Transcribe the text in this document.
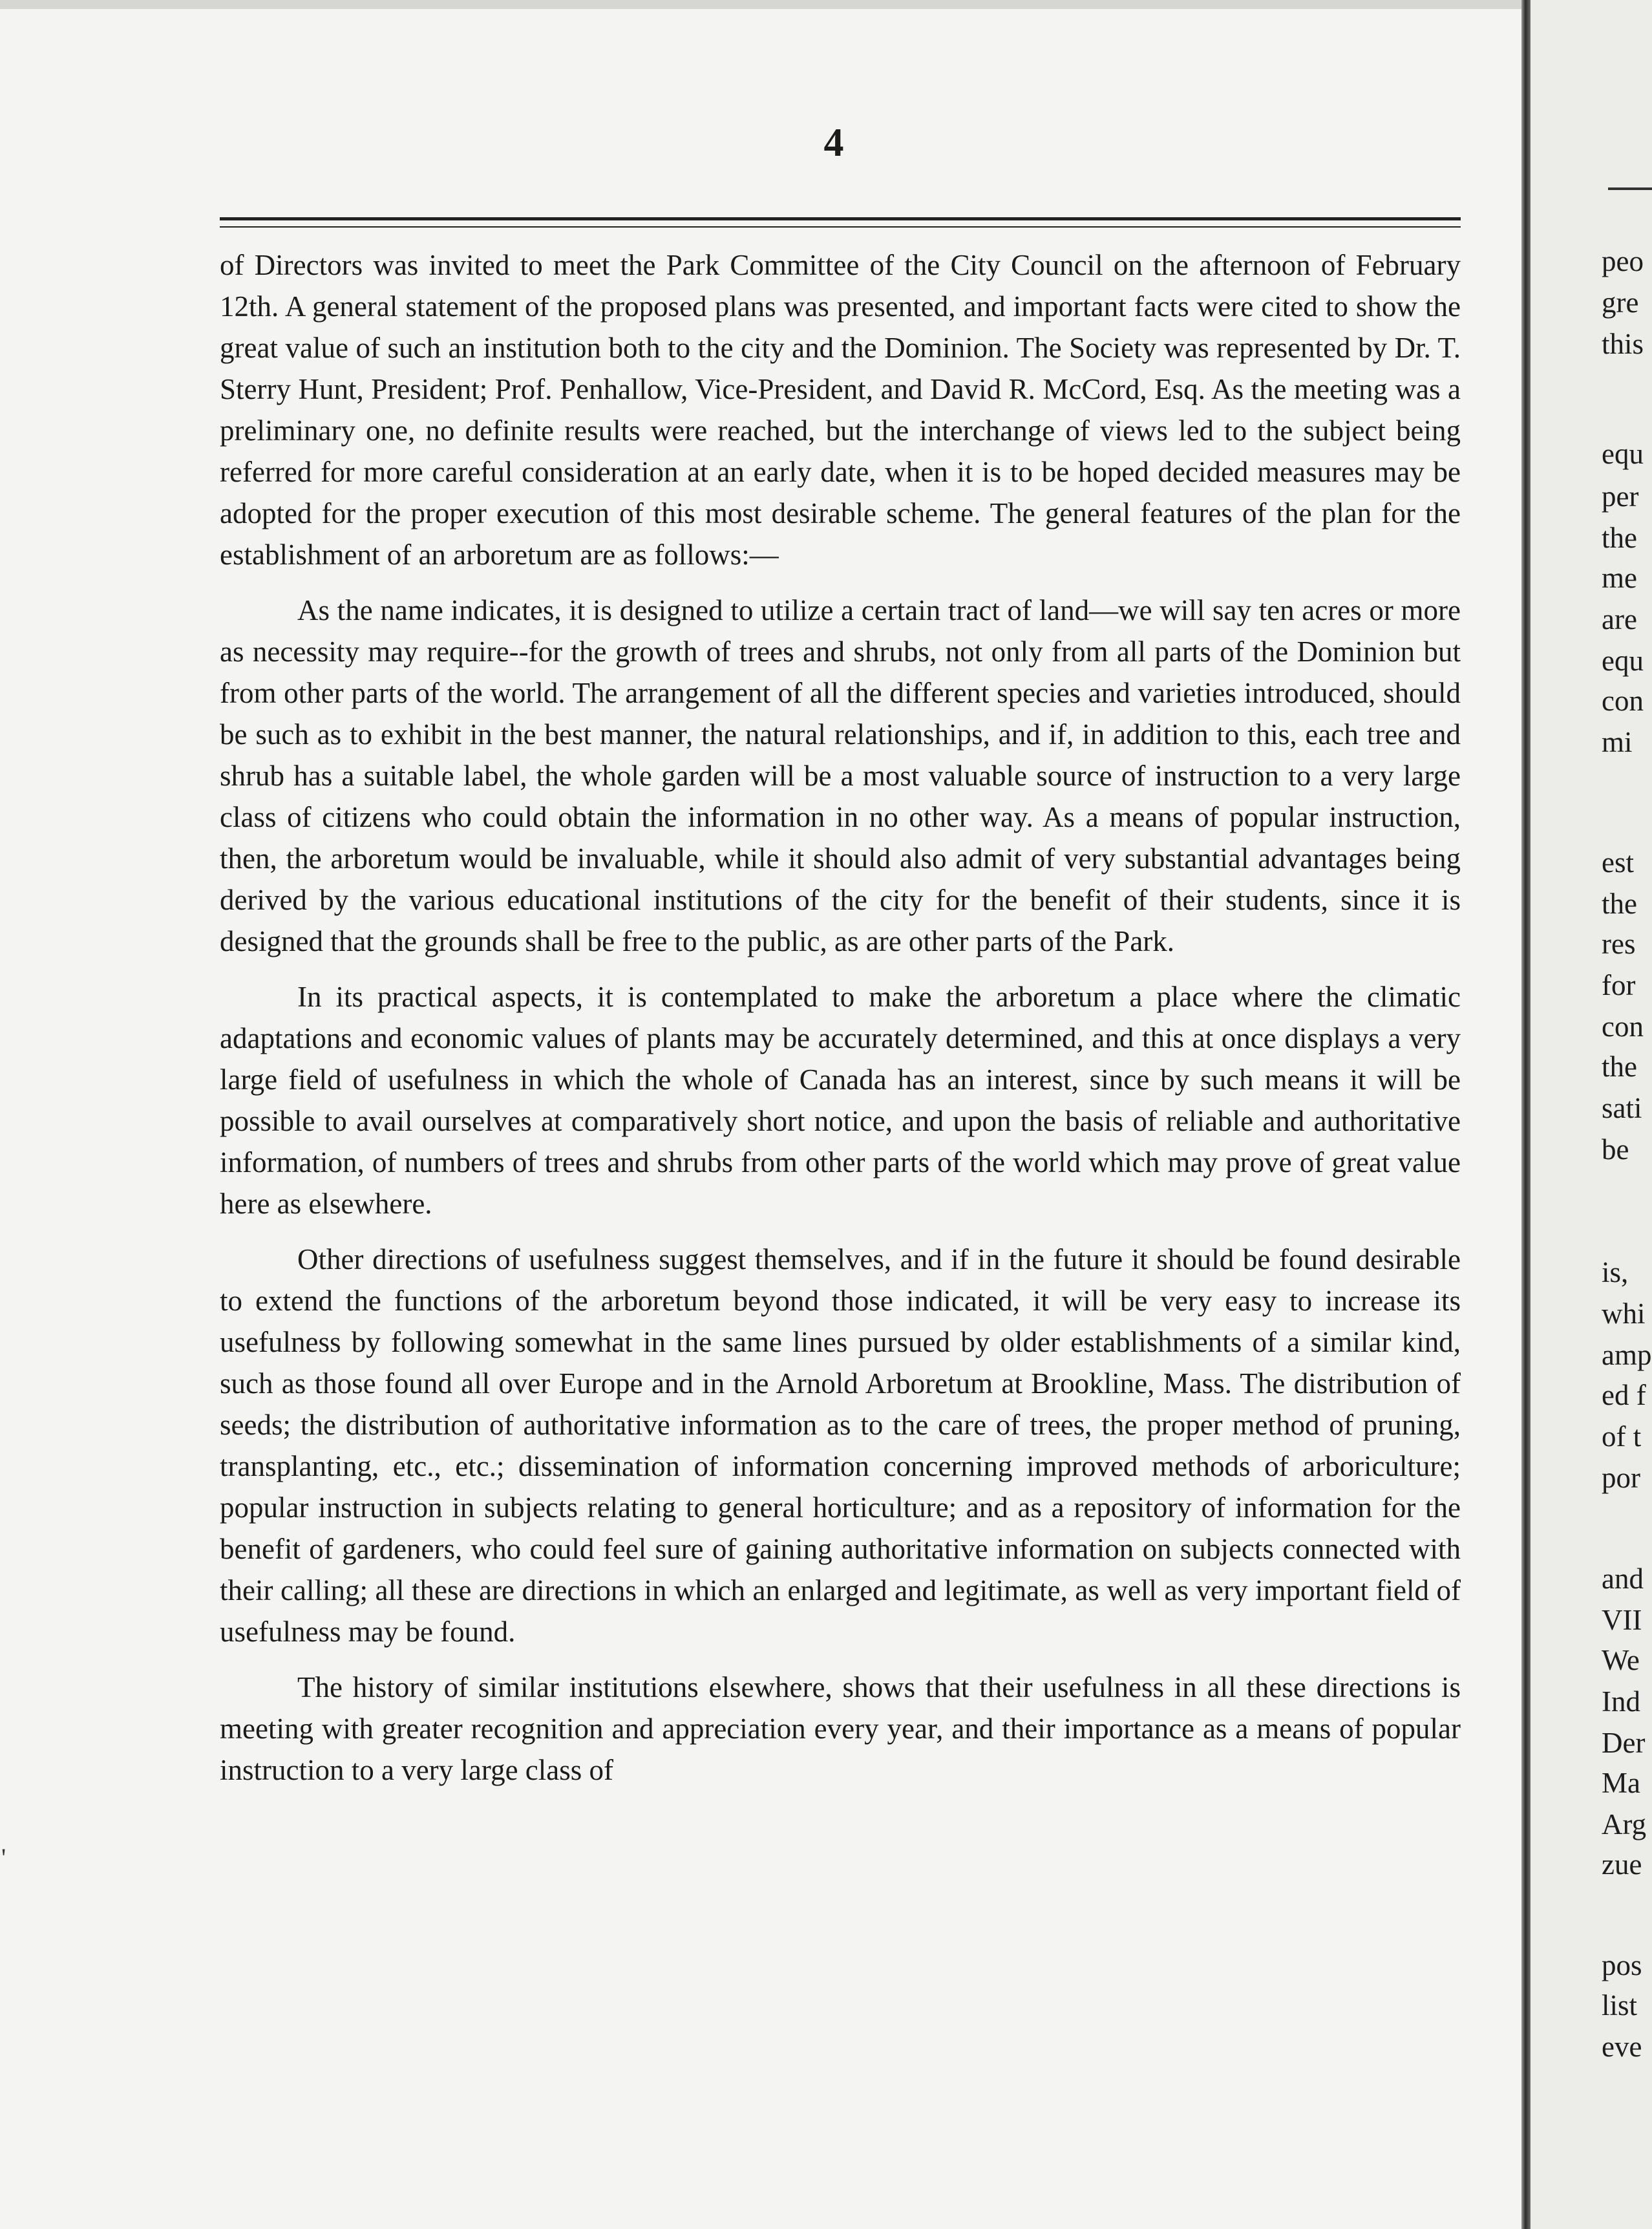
4

of Directors was invited to meet the Park Committee of the City Council on the afternoon of February 12th. A general statement of the proposed plans was presented, and important facts were cited to show the great value of such an institution both to the city and the Dominion. The Society was represented by Dr. T. Sterry Hunt, President; Prof. Penhallow, Vice-President, and David R. McCord, Esq. As the meeting was a preliminary one, no definite results were reached, but the interchange of views led to the subject being referred for more careful consideration at an early date, when it is to be hoped decided measures may be adopted for the proper execution of this most desirable scheme. The general features of the plan for the establishment of an arboretum are as follows:—

As the name indicates, it is designed to utilize a certain tract of land—we will say ten acres or more as necessity may require--for the growth of trees and shrubs, not only from all parts of the Dominion but from other parts of the world. The arrangement of all the different species and varieties introduced, should be such as to exhibit in the best manner, the natural relationships, and if, in addition to this, each tree and shrub has a suitable label, the whole garden will be a most valuable source of instruction to a very large class of citizens who could obtain the information in no other way. As a means of popular instruction, then, the arboretum would be invaluable, while it should also admit of very substantial advantages being derived by the various educational institutions of the city for the benefit of their students, since it is designed that the grounds shall be free to the public, as are other parts of the Park.

In its practical aspects, it is contemplated to make the arboretum a place where the climatic adaptations and economic values of plants may be accurately determined, and this at once displays a very large field of usefulness in which the whole of Canada has an interest, since by such means it will be possible to avail ourselves at comparatively short notice, and upon the basis of reliable and authoritative information, of numbers of trees and shrubs from other parts of the world which may prove of great value here as elsewhere.

Other directions of usefulness suggest themselves, and if in the future it should be found desirable to extend the functions of the arboretum beyond those indicated, it will be very easy to increase its usefulness by following somewhat in the same lines pursued by older establishments of a similar kind, such as those found all over Europe and in the Arnold Arboretum at Brookline, Mass. The distribution of seeds; the distribution of authoritative information as to the care of trees, the proper method of pruning, transplanting, etc., etc.; dissemination of information concerning improved methods of arboriculture; popular instruction in subjects relating to general horticulture; and as a repository of information for the benefit of gardeners, who could feel sure of gaining authoritative information on subjects connected with their calling; all these are directions in which an enlarged and legitimate, as well as very important field of usefulness may be found.

The history of similar institutions elsewhere, shows that their usefulness in all these directions is meeting with greater recognition and appreciation every year, and their importance as a means of popular instruction to a very large class of

'
peo
gre
this
equ
per
the
me
are
equ
con
mi
est
the
res
for
con
the
sati
be
is,
whi
amp
ed f
of t
por
and
VII
We
Ind
Der
Ma
Arg
zue
pos
list
eve
